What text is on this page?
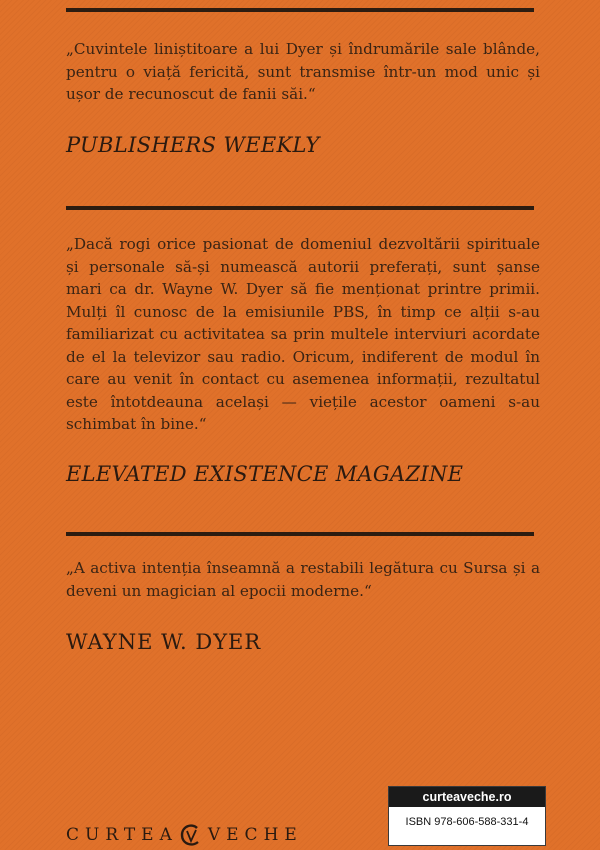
„Cuvintele liniștitoare a lui Dyer și îndrumările sale blânde, pentru o viață fericită, sunt transmise într-un mod unic și ușor de recunoscut de fanii săi.“

PUBLISHERS WEEKLY

„Dacă rogi orice pasionat de domeniul dezvoltării spirituale și personale să-și numească autorii preferați, sunt șanse mari ca dr. Wayne W. Dyer să fie menționat printre primii. Mulți îl cunosc de la emisiunile PBS, în timp ce alții s-au familiarizat cu activitatea sa prin multele interviuri acordate de el la televizor sau radio. Oricum, indiferent de modul în care au venit în contact cu asemenea informații, rezultatul este întotdeauna același — viețile acestor oameni s-au schimbat în bine.“

ELEVATED EXISTENCE MAGAZINE

„A activa intenția înseamnă a restabili legătura cu Sursa și a deveni un magician al epocii moderne.“

WAYNE W. DYER

CURTEA VECHE
curteaveche.ro
ISBN 978-606-588-331-4
